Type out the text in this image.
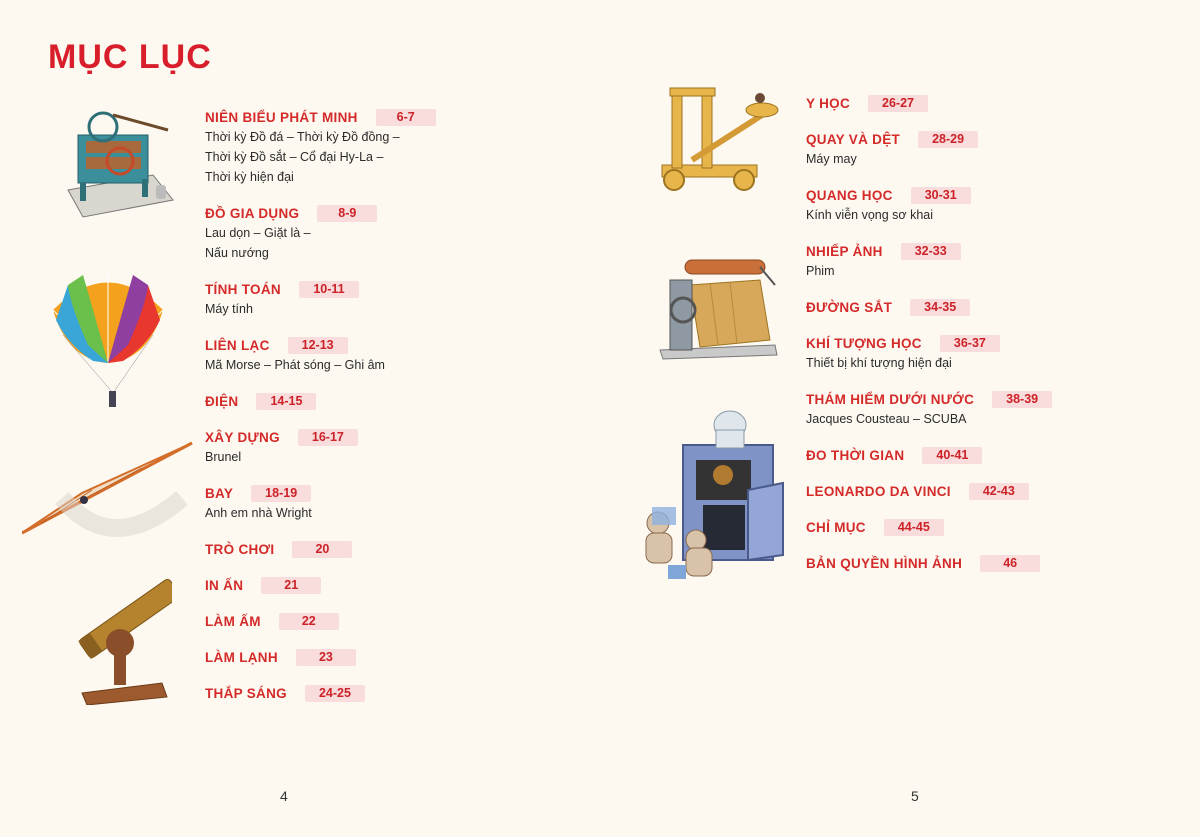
MỤC LỤC
NIÊN BIỂU PHÁT MINH	6-7
Thời kỳ Đồ đá – Thời kỳ Đồ đồng –
Thời kỳ Đồ sắt – Cổ đại Hy-La –
Thời kỳ hiện đại
ĐỒ GIA DỤNG	8-9
Lau dọn – Giặt là –
Nấu nướng
TÍNH TOÁN	10-11
Máy tính
LIÊN LẠC	12-13
Mã Morse – Phát sóng – Ghi âm
ĐIỆN	14-15
XÂY DỰNG	16-17
Brunel
BAY	18-19
Anh em nhà Wright
TRÒ CHƠI	20
IN ẤN	21
LÀM ẤM	22
LÀM LẠNH	23
THẮP SÁNG	24-25
4
Y HỌC	26-27
QUAY VÀ DỆT	28-29
Máy may
QUANG HỌC	30-31
Kính viễn vọng sơ khai
NHIẾP ẢNH	32-33
Phim
ĐƯỜNG SẮT	34-35
KHÍ TƯỢNG HỌC	36-37
Thiết bị khí tượng hiện đại
THÁM HIỂM DƯỚI NƯỚC	38-39
Jacques Cousteau – SCUBA
ĐO THỜI GIAN	40-41
LEONARDO DA VINCI	42-43
CHỈ MỤC	44-45
BẢN QUYỀN HÌNH ẢNH	46
5
